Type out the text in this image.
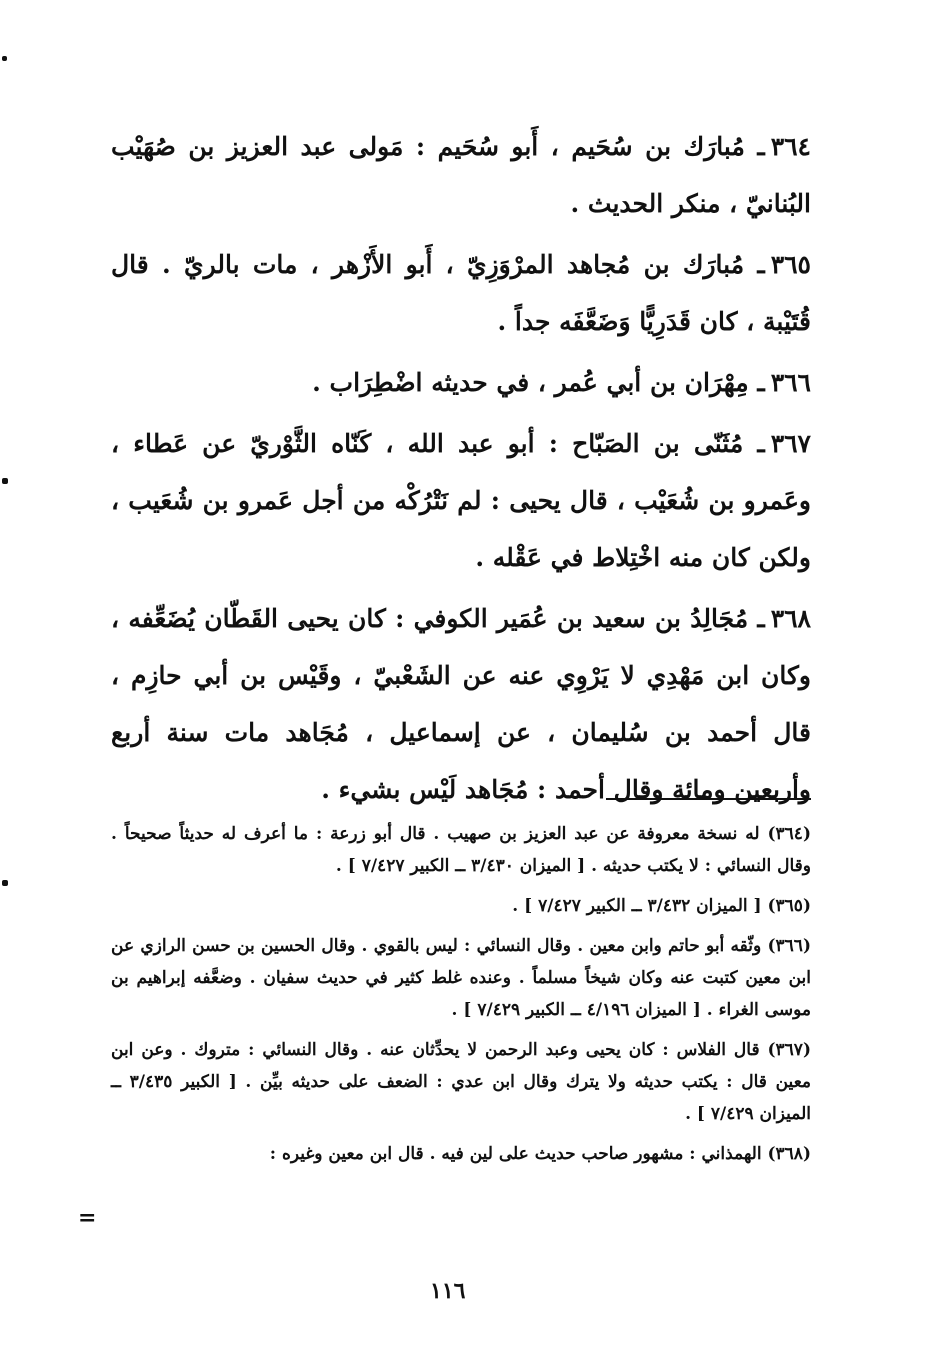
٣٦٤ـ مُبارَك بن سُحَيم ، أَبو سُحَيم : مَولى عبد العزيز بن صُهَيْب البُنانيّ ، منكر الحديث .

٣٦٥ـ مُبارَك بن مُجاهد المرْوَزِيّ ، أَبو الأَزْهر ، مات بالريّ . قال قُتَيْبة ، كان قَدَرِيًّا وَضَعَّفَه جداً .

٣٦٦ـ مِهْرَان بن أبي عُمر ، في حديثه اضْطِرَاب .

٣٦٧ـ مُثَنّى بن الصَبّاح : أبو عبد الله ، كَنّاه الثَّوْريّ عن عَطاء ، وعَمرو بن شُعَيْب ، قال يحيى : لم نَتْرُكْه من أجل عَمرو بن شُعَيب ، ولكن كان منه اخْتِلاط في عَقْله .

٣٦٨ـ مُجَالِدُ بن سعيد بن عُمَير الكوفي : كان يحيى القَطّان يُضَعِّفه ، وكان ابن مَهْدِي لا يَرْوِي عنه عن الشَعْبيّ ، وقَيْس بن أبي حازِم ، قال أحمد بن سُليمان ، عن إسماعيل ، مُجَاهد مات سنة أربع وأربعين ومائة وقال أحمد : مُجَاهد لَيْس بشيء .

(٣٦٤) له نسخة معروفة عن عبد العزيز بن صهيب . قال أبو زرعة : ما أعرف له حديثاً صحيحاً . وقال النسائي : لا يكتب حديثه . [ الميزان ٣/٤٣٠ ــ الكبير ٧/٤٢٧ ] .

(٣٦٥) [ الميزان ٣/٤٣٢ ــ الكبير ٧/٤٢٧ ] .

(٣٦٦) وثّقه أبو حاتم وابن معين . وقال النسائي : ليس بالقوي . وقال الحسين بن حسن الرازي عن ابن معين كتبت عنه وكان شيخاً مسلماً . وعنده غلط كثير في حديث سفيان . وضعَّفه إبراهيم بن موسى الغراء . [ الميزان ٤/١٩٦ ــ الكبير ٧/٤٢٩ ] .

(٣٦٧) قال الفلاس : كان يحيى وعبد الرحمن لا يحدِّثان عنه . وقال النسائي : متروك . وعن ابن معين قال : يكتب حديثه ولا يترك وقال ابن عدي : الضعف على حديثه بيِّن . [ الكبير ٣/٤٣٥ ــ الميزان ٧/٤٢٩ ] .

(٣٦٨) الهمذاني : مشهور صاحب حديث على لين فيه . قال ابن معين وغيره :

=
١١٦
